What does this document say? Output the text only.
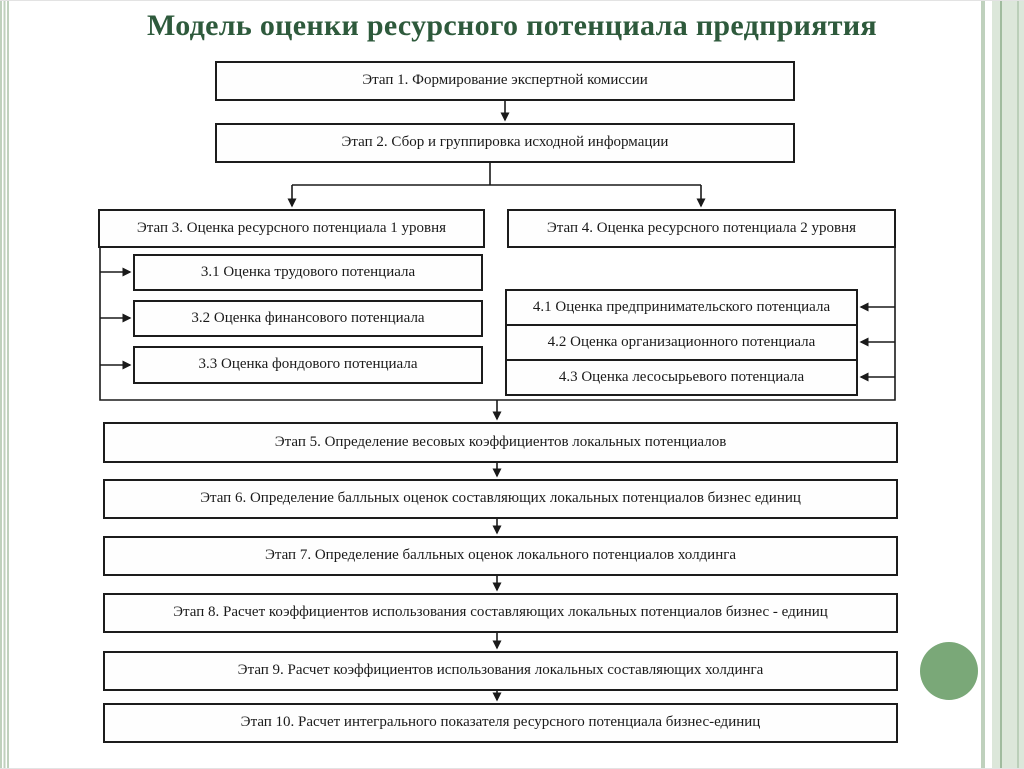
Модель оценки ресурсного потенциала предприятия
Этап 1. Формирование экспертной комиссии
Этап 2. Сбор и группировка исходной информации
Этап 3. Оценка ресурсного потенциала 1 уровня	Этап 4. Оценка ресурсного потенциала 2 уровня
3.1 Оценка трудового потенциала
3.2 Оценка финансового потенциала
3.3 Оценка фондового потенциала
4.1 Оценка предпринимательского потенциала
4.2 Оценка организационного потенциала
4.3 Оценка лесосырьевого потенциала
Этап 5. Определение весовых коэффициентов локальных потенциалов
Этап 6. Определение балльных оценок составляющих локальных потенциалов бизнес единиц
Этап 7. Определение балльных оценок локального потенциалов холдинга
Этап 8. Расчет коэффициентов использования составляющих локальных потенциалов бизнес - единиц
Этап 9. Расчет коэффициентов использования локальных составляющих холдинга
Этап 10. Расчет интегрального показателя ресурсного потенциала бизнес-единиц
